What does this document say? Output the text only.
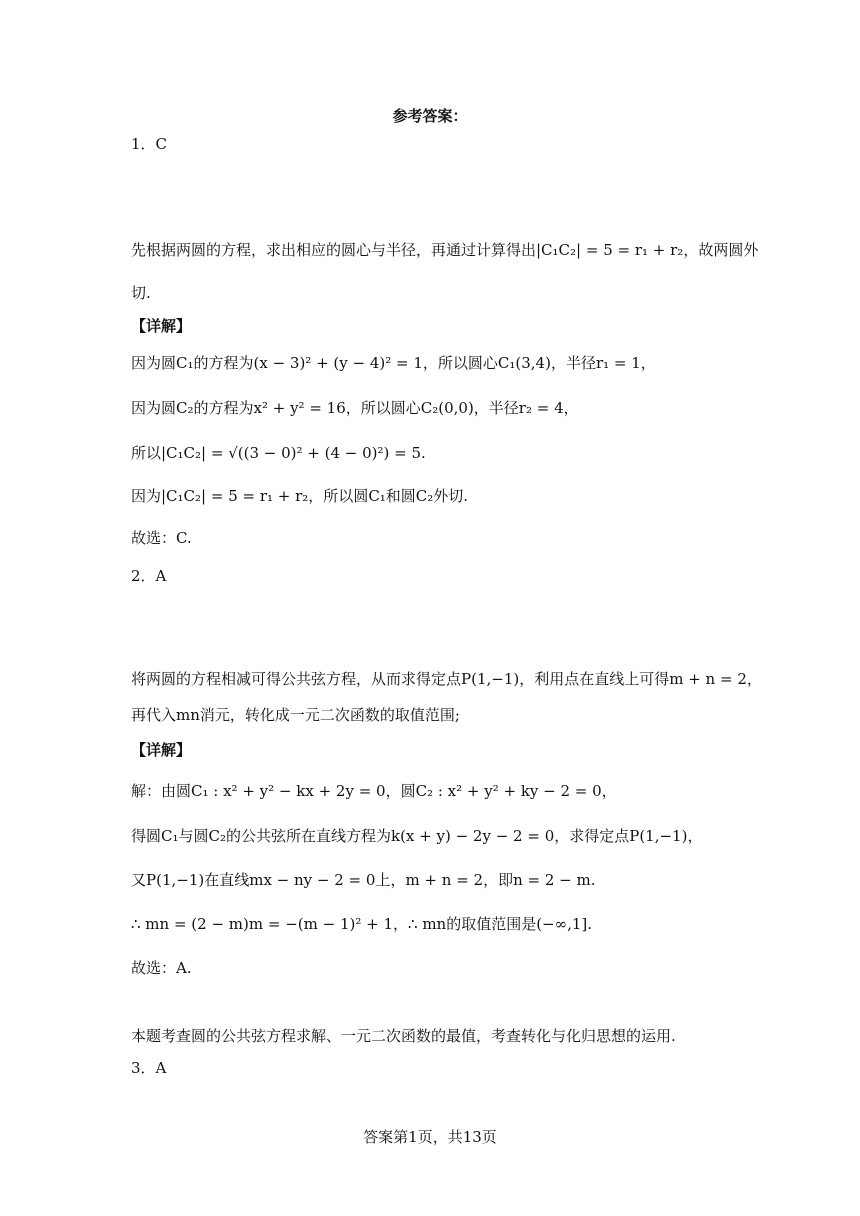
参考答案：
1．C
先根据两圆的方程，求出相应的圆心与半径，再通过计算得出|C₁C₂| = 5 = r₁ + r₂，故两圆外
切.
【详解】
因为圆C₁的方程为(x − 3)² + (y − 4)² = 1，所以圆心C₁(3,4)，半径r₁ = 1，
因为圆C₂的方程为x² + y² = 16，所以圆心C₂(0,0)，半径r₂ = 4，
所以|C₁C₂| = √((3 − 0)² + (4 − 0)²) = 5.
因为|C₁C₂| = 5 = r₁ + r₂，所以圆C₁和圆C₂外切.
故选：C.
2．A
将两圆的方程相减可得公共弦方程，从而求得定点P(1,−1)，利用点在直线上可得m + n = 2，
再代入mn消元，转化成一元二次函数的取值范围;
【详解】
解：由圆C₁ : x² + y² − kx + 2y = 0，圆C₂ : x² + y² + ky − 2 = 0，
得圆C₁与圆C₂的公共弦所在直线方程为k(x + y) − 2y − 2 = 0，求得定点P(1,−1)，
又P(1,−1)在直线mx − ny − 2 = 0上，m + n = 2，即n = 2 − m.
∴ mn = (2 − m)m = −(m − 1)² + 1，∴ mn的取值范围是(−∞,1].
故选：A.
本题考查圆的公共弦方程求解、一元二次函数的最值，考查转化与化归思想的运用.
3．A
答案第1页，共13页
